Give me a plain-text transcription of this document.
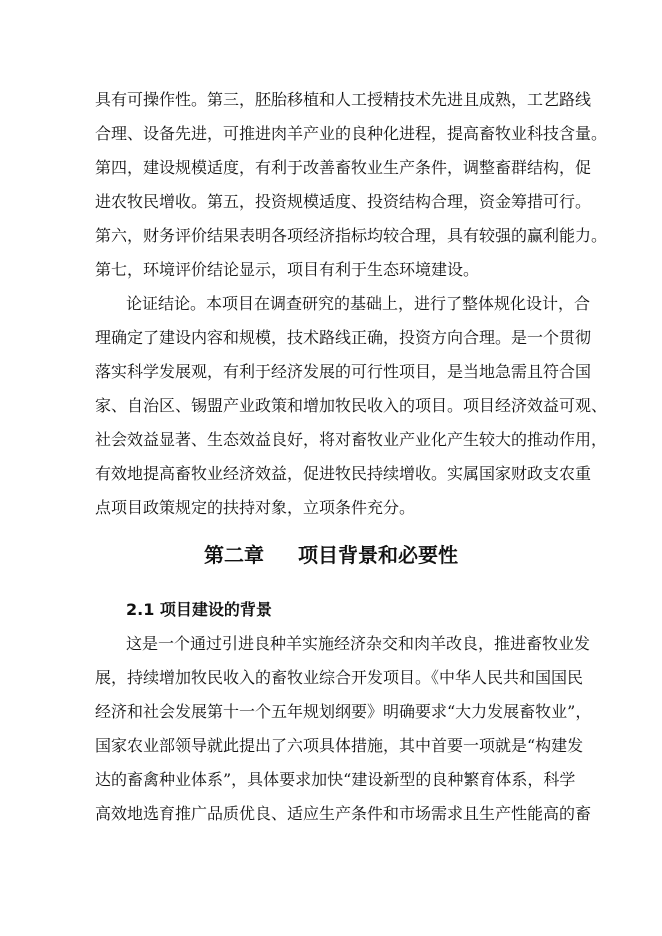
具有可操作性。第三，胚胎移植和人工授精技术先进且成熟，工艺路线
合理、设备先进，可推进肉羊产业的良种化进程，提高畜牧业科技含量。
第四，建设规模适度，有利于改善畜牧业生产条件，调整畜群结构，促
进农牧民增收。第五，投资规模适度、投资结构合理，资金筹措可行。
第六，财务评价结果表明各项经济指标均较合理，具有较强的赢利能力。
第七，环境评价结论显示，项目有利于生态环境建设。
论证结论。本项目在调查研究的基础上，进行了整体规化设计，合
理确定了建设内容和规模，技术路线正确，投资方向合理。是一个贯彻
落实科学发展观，有利于经济发展的可行性项目，是当地急需且符合国
家、自治区、锡盟产业政策和增加牧民收入的项目。项目经济效益可观、
社会效益显著、生态效益良好，将对畜牧业产业化产生较大的推动作用，
有效地提高畜牧业经济效益，促进牧民持续增收。实属国家财政支农重
点项目政策规定的扶持对象，立项条件充分。
第二章 项目背景和必要性
2.1 项目建设的背景
这是一个通过引进良种羊实施经济杂交和肉羊改良，推进畜牧业发
展，持续增加牧民收入的畜牧业综合开发项目。《中华人民共和国国民
经济和社会发展第十一个五年规划纲要》明确要求“大力发展畜牧业”，
国家农业部领导就此提出了六项具体措施，其中首要一项就是“构建发
达的畜禽种业体系”，具体要求加快“建设新型的良种繁育体系，科学
高效地选育推广品质优良、适应生产条件和市场需求且生产性能高的畜
